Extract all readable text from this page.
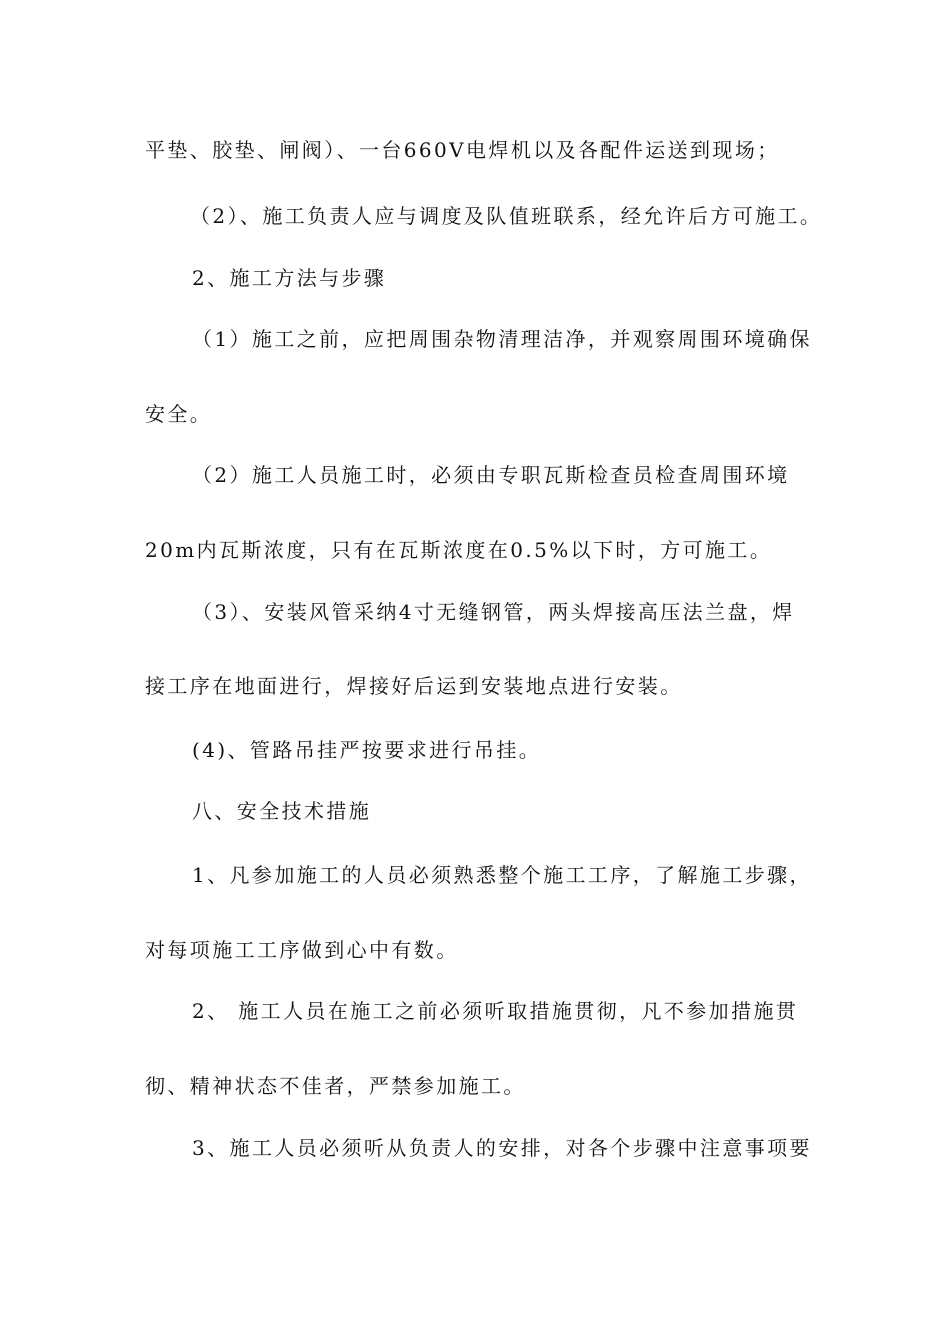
平垫、胶垫、闸阀）、一台660V电焊机以及各配件运送到现场；
（2）、施工负责人应与调度及队值班联系，经允许后方可施工。
2、施工方法与步骤
（1）施工之前，应把周围杂物清理洁净，并观察周围环境确保
安全。
（2）施工人员施工时，必须由专职瓦斯检查员检查周围环境
20m内瓦斯浓度，只有在瓦斯浓度在0.5%以下时，方可施工。
（3）、安装风管采纳4寸无缝钢管，两头焊接高压法兰盘，焊
接工序在地面进行，焊接好后运到安装地点进行安装。
(4)、管路吊挂严按要求进行吊挂。
八、安全技术措施
1、凡参加施工的人员必须熟悉整个施工工序，了解施工步骤，
对每项施工工序做到心中有数。
2、 施工人员在施工之前必须听取措施贯彻，凡不参加措施贯
彻、精神状态不佳者，严禁参加施工。
3、施工人员必须听从负责人的安排，对各个步骤中注意事项要
